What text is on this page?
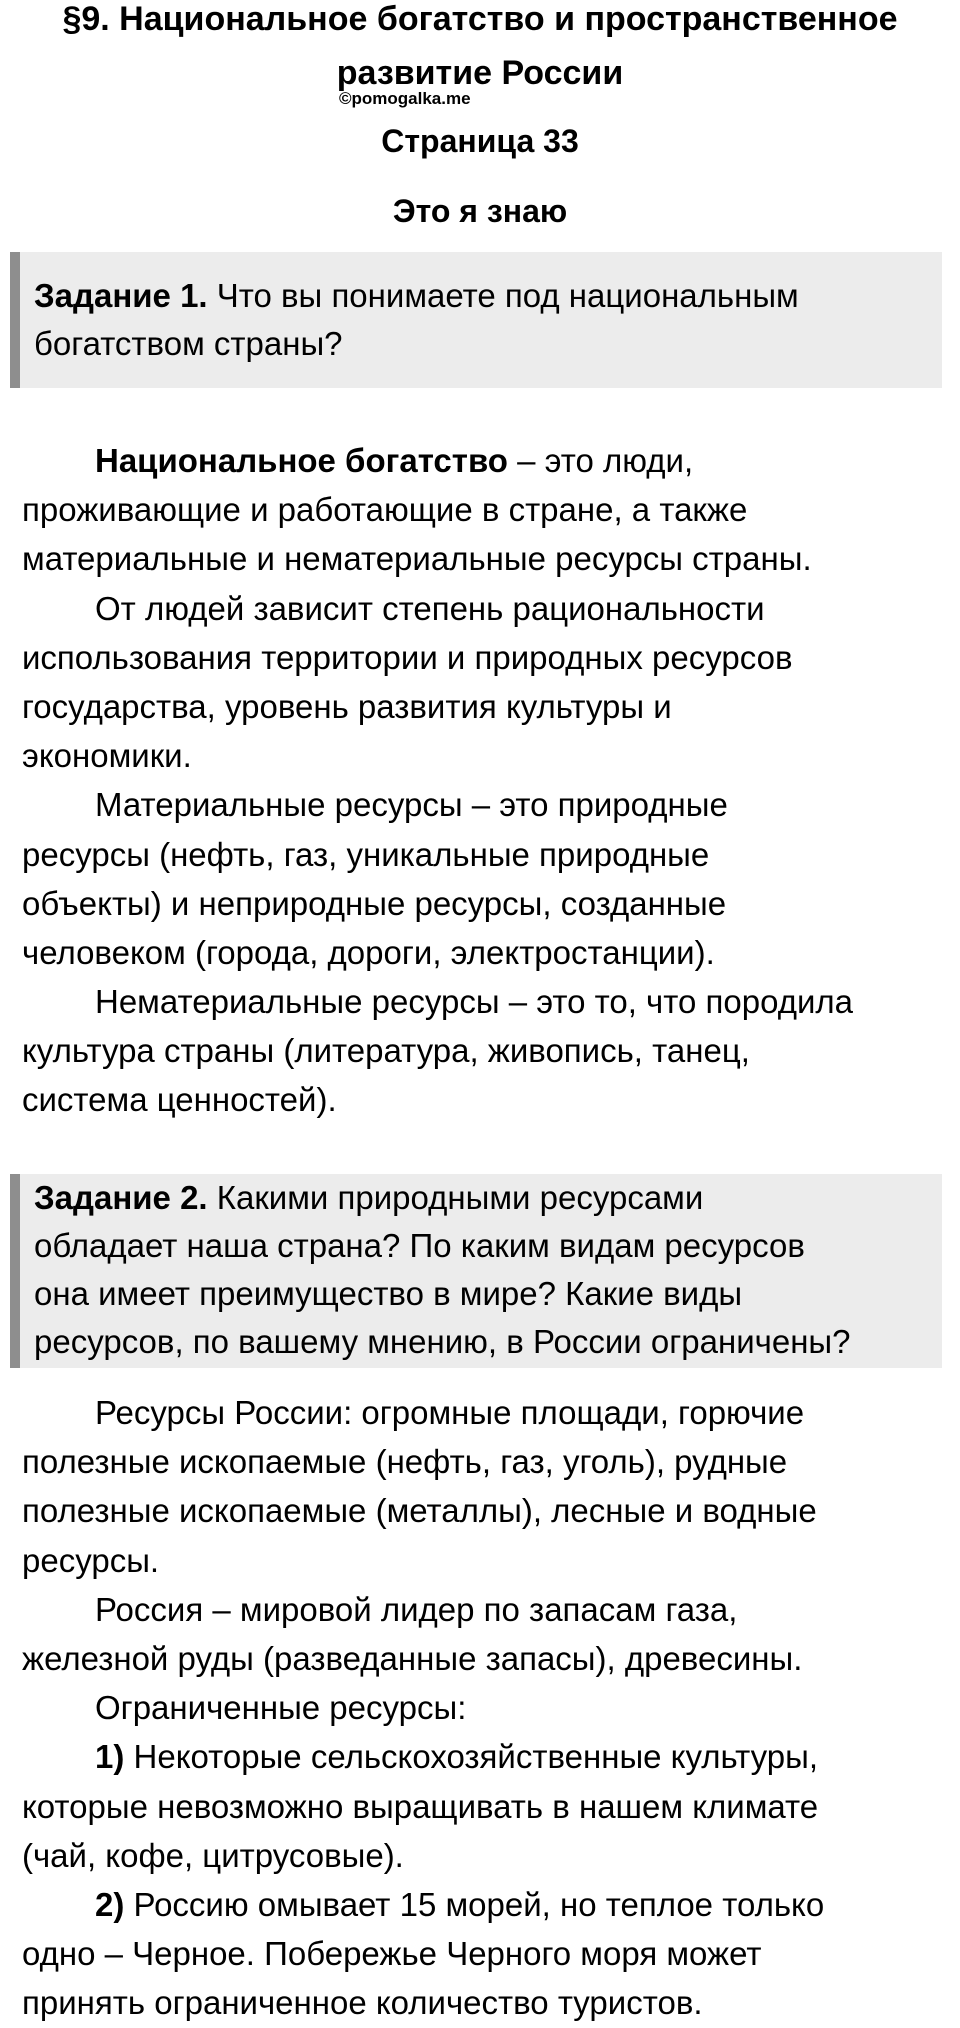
§9. Национальное богатство и пространственное
развитие России
©pomogalka.me
Страница 33
Это я знаю
Задание 1. Что вы понимаете под национальным
богатством страны?
Национальное богатство – это люди,
проживающие и работающие в стране, а также
материальные и нематериальные ресурсы страны.
От людей зависит степень рациональности
использования территории и природных ресурсов
государства, уровень развития культуры и
экономики.
Материальные ресурсы – это природные
ресурсы (нефть, газ, уникальные природные
объекты) и неприродные ресурсы, созданные
человеком (города, дороги, электростанции).
Нематериальные ресурсы – это то, что породила
культура страны (литература, живопись, танец,
система ценностей).
Задание 2. Какими природными ресурсами
обладает наша страна? По каким видам ресурсов
она имеет преимущество в мире? Какие виды
ресурсов, по вашему мнению, в России ограничены?
Ресурсы России: огромные площади, горючие
полезные ископаемые (нефть, газ, уголь), рудные
полезные ископаемые (металлы), лесные и водные
ресурсы.
Россия – мировой лидер по запасам газа,
железной руды (разведанные запасы), древесины.
Ограниченные ресурсы:
1) Некоторые сельскохозяйственные культуры,
которые невозможно выращивать в нашем климате
(чай, кофе, цитрусовые).
2) Россию омывает 15 морей, но теплое только
одно – Черное. Побережье Черного моря может
принять ограниченное количество туристов.
